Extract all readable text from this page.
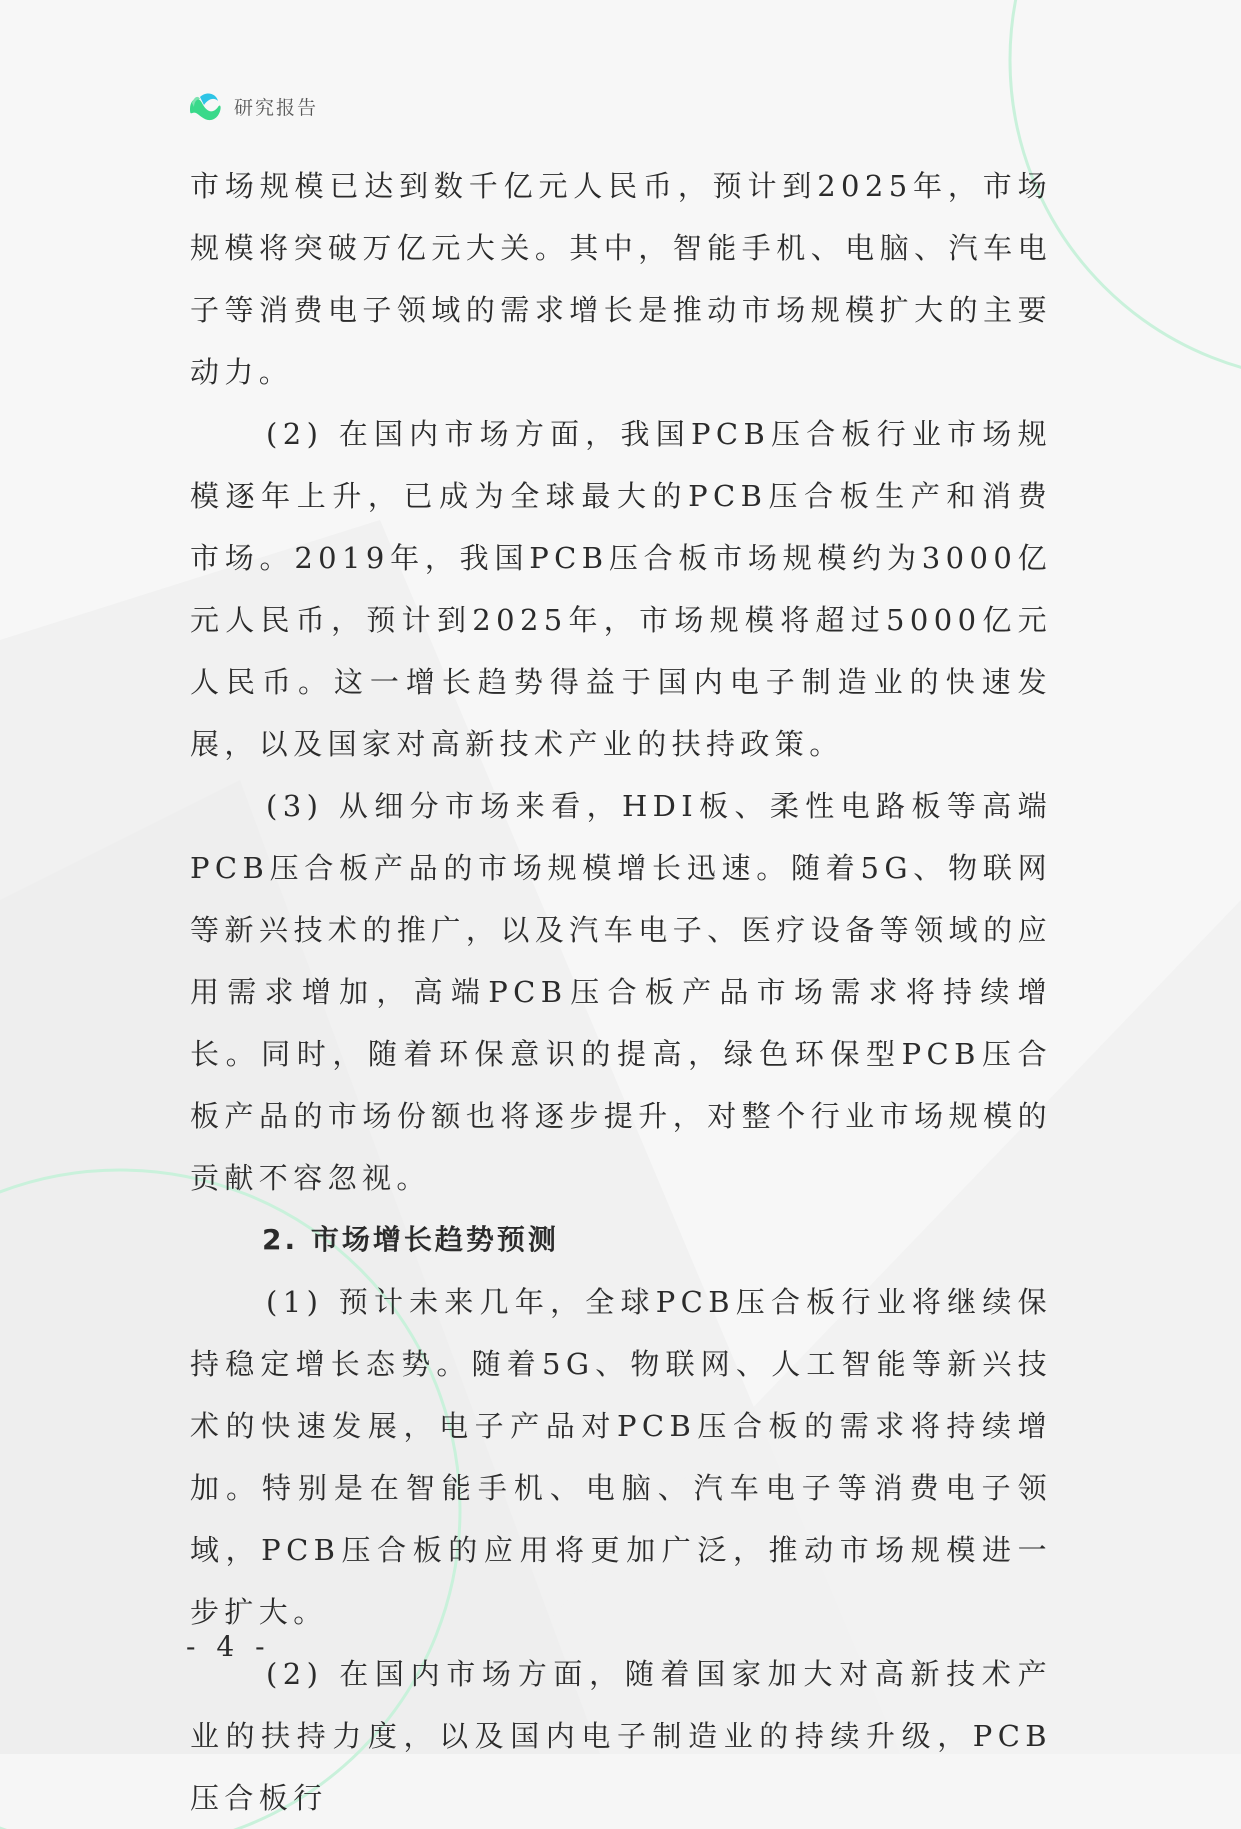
研究报告

市场规模已达到数千亿元人民币，预计到2025年，市场规模将突破万亿元大关。其中，智能手机、电脑、汽车电子等消费电子领域的需求增长是推动市场规模扩大的主要动力。

(2) 在国内市场方面，我国PCB压合板行业市场规模逐年上升，已成为全球最大的PCB压合板生产和消费市场。2019年，我国PCB压合板市场规模约为3000亿元人民币，预计到2025年，市场规模将超过5000亿元人民币。这一增长趋势得益于国内电子制造业的快速发展，以及国家对高新技术产业的扶持政策。

(3) 从细分市场来看，HDI板、柔性电路板等高端PCB压合板产品的市场规模增长迅速。随着5G、物联网等新兴技术的推广，以及汽车电子、医疗设备等领域的应用需求增加，高端PCB压合板产品市场需求将持续增长。同时，随着环保意识的提高，绿色环保型PCB压合板产品的市场份额也将逐步提升，对整个行业市场规模的贡献不容忽视。

2. 市场增长趋势预测

(1) 预计未来几年，全球PCB压合板行业将继续保持稳定增长态势。随着5G、物联网、人工智能等新兴技术的快速发展，电子产品对PCB压合板的需求将持续增加。特别是在智能手机、电脑、汽车电子等消费电子领域，PCB压合板的应用将更加广泛，推动市场规模进一步扩大。

(2) 在国内市场方面，随着国家加大对高新技术产业的扶持力度，以及国内电子制造业的持续升级，PCB压合板行

- 4 -
